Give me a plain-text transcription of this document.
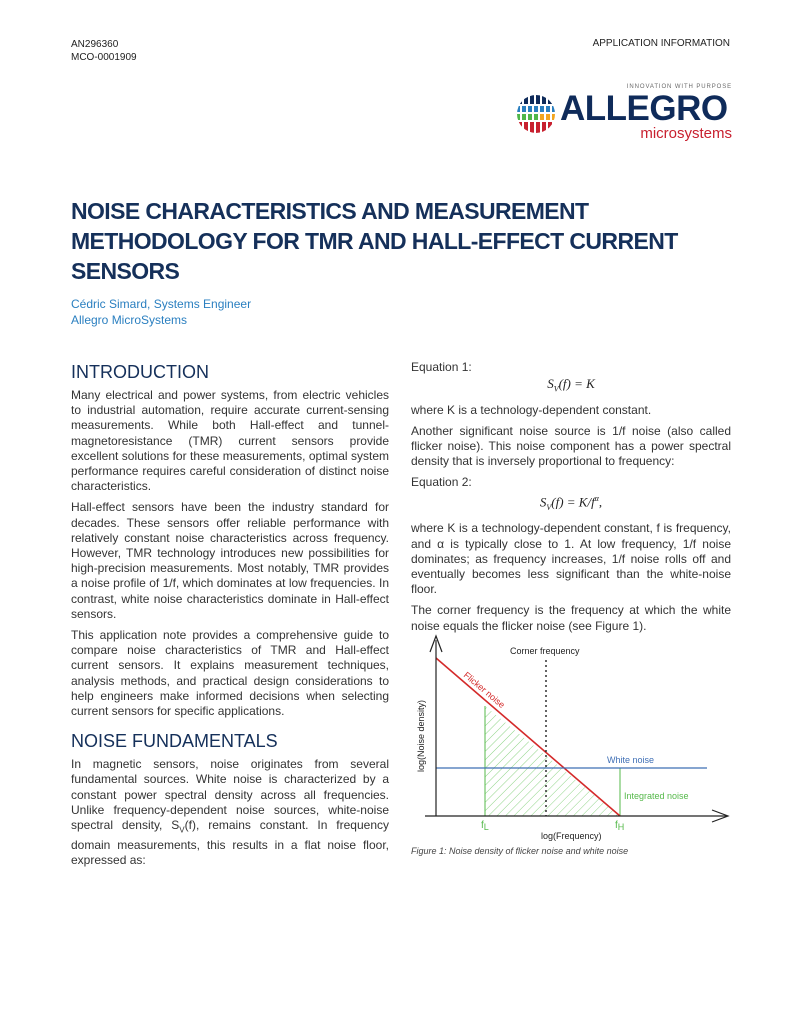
AN296360
MCO-0001909
APPLICATION INFORMATION
INNOVATION WITH PURPOSE
ALLEGRO
microsystems
NOISE CHARACTERISTICS AND MEASUREMENT METHODOLOGY FOR TMR AND HALL-EFFECT CURRENT SENSORS
Cédric Simard, Systems Engineer
Allegro MicroSystems
INTRODUCTION

Many electrical and power systems, from electric vehicles to industrial automation, require accurate current-sensing measurements. While both Hall-effect and tunnel-magnetoresistance (TMR) current sensors provide excellent solutions for these measurements, optimal system performance requires careful consideration of distinct noise characteristics.

Hall-effect sensors have been the industry standard for decades. These sensors offer reliable performance with relatively constant noise characteristics across frequency. However, TMR technology introduces new possibilities for high-precision measurements. Most notably, TMR provides a noise profile of 1/f, which dominates at low frequencies. In contrast, white noise characteristics dominate in Hall-effect sensors.

This application note provides a comprehensive guide to compare noise characteristics of TMR and Hall-effect current sensors. It explains measurement techniques, analysis methods, and practical design considerations to help engineers make informed decisions when selecting current sensors for specific applications.

NOISE FUNDAMENTALS

In magnetic sensors, noise originates from several fundamental sources. White noise is characterized by a constant power spectral density across all frequencies. Unlike frequency-dependent noise sources, white-noise spectral density, $S_V(f)$, remains constant. In frequency domain measurements, this results in a flat noise floor, expressed as:

Equation 1:
$S_V(f) = K$

where K is a technology-dependent constant.

Another significant noise source is 1/f noise (also called flicker noise). This noise component has a power spectral density that is inversely proportional to frequency:

Equation 2:
$S_V(f) = K/f^\alpha$,

where K is a technology-dependent constant, f is frequency, and α is typically close to 1. At low frequency, 1/f noise dominates; as frequency increases, 1/f noise rolls off and eventually becomes less significant than the white-noise floor.

The corner frequency is the frequency at which the white noise equals the flicker noise (see Figure 1).

Corner frequency
Flicker noise
White noise
Integrated noise
log(Noise density)
log(Frequency)
fL	fH
Figure 1: Noise density of flicker noise and white noise
